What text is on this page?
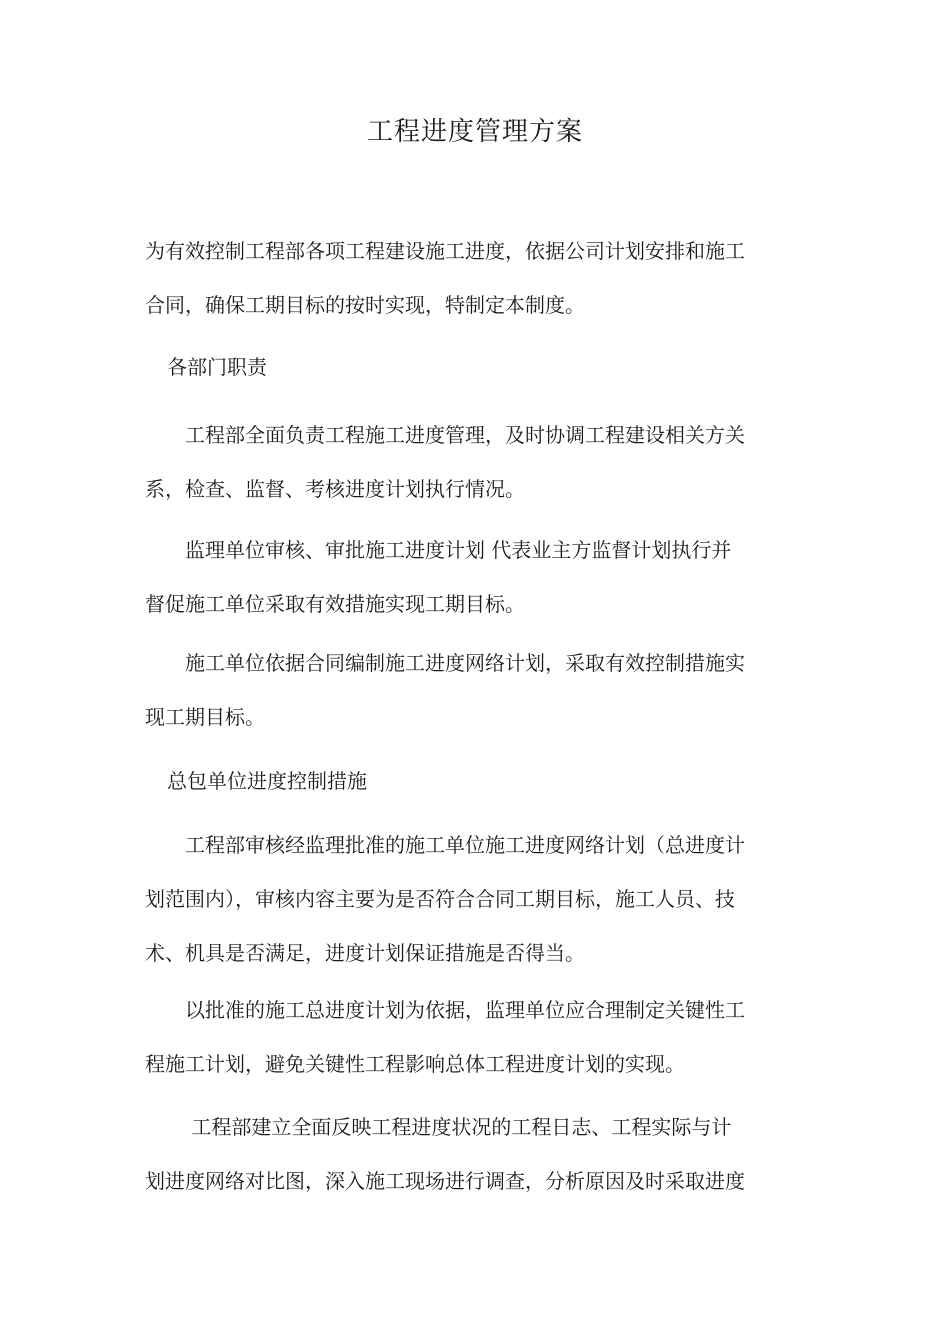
工程进度管理方案

为有效控制工程部各项工程建设施工进度，依据公司计划安排和施工
合同，确保工期目标的按时实现，特制定本制度。

各部门职责

　　工程部全面负责工程施工进度管理，及时协调工程建设相关方关
系，检查、监督、考核进度计划执行情况。

　　监理单位审核、审批施工进度计划 代表业主方监督计划执行并
督促施工单位采取有效措施实现工期目标。

　　施工单位依据合同编制施工进度网络计划，采取有效控制措施实
现工期目标。

总包单位进度控制措施

　　工程部审核经监理批准的施工单位施工进度网络计划（总进度计
划范围内），审核内容主要为是否符合合同工期目标，施工人员、技
术、机具是否满足，进度计划保证措施是否得当。

　　以批准的施工总进度计划为依据，监理单位应合理制定关键性工
程施工计划，避免关键性工程影响总体工程进度计划的实现。

　　 工程部建立全面反映工程进度状况的工程日志、工程实际与计
划进度网络对比图，深入施工现场进行调查，分析原因及时采取进度
